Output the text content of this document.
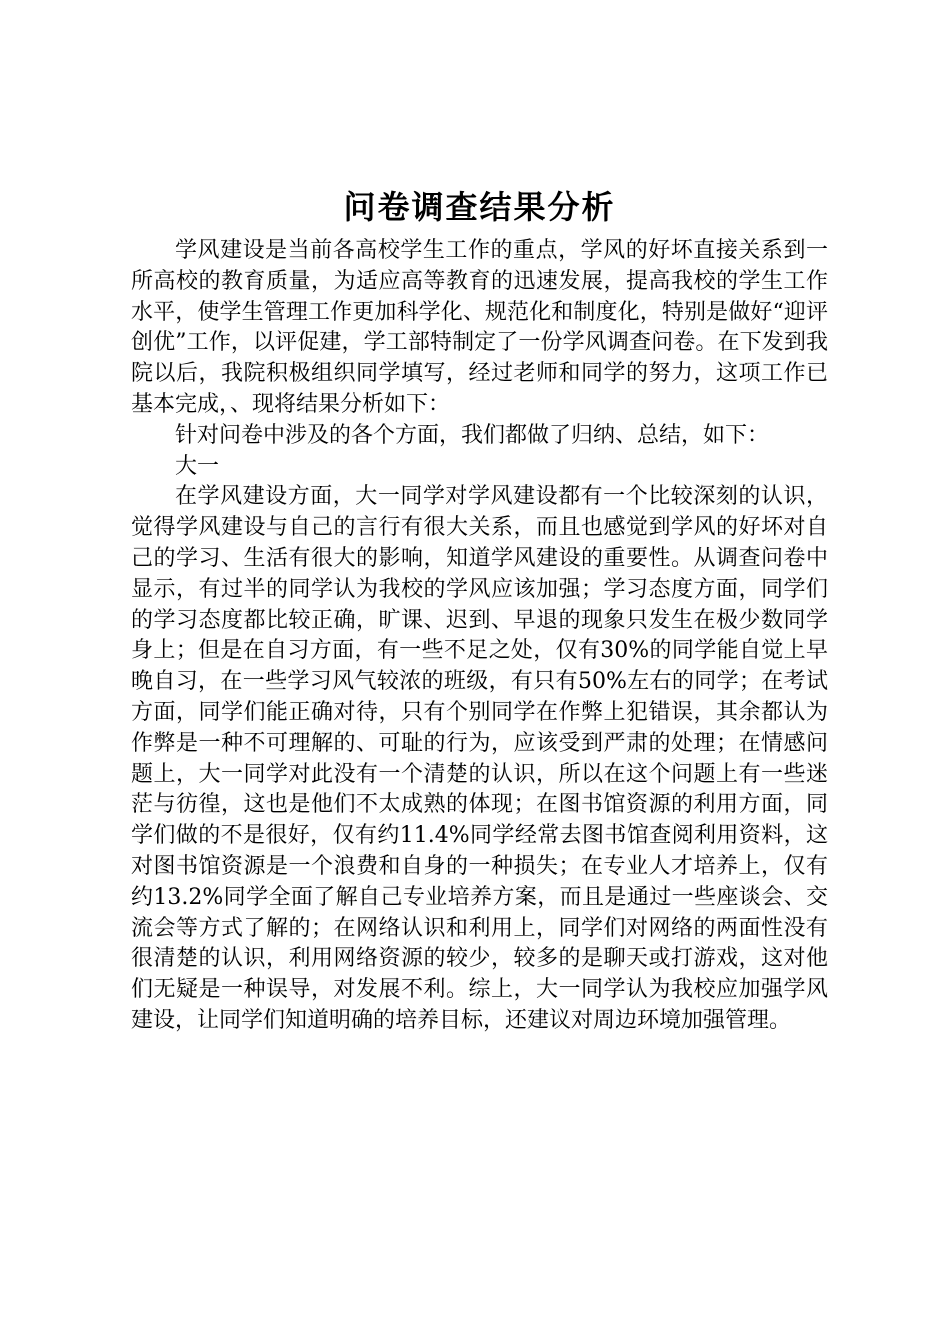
问卷调查结果分析

学风建设是当前各高校学生工作的重点，学风的好坏直接关系到一所高校的教育质量，为适应高等教育的迅速发展，提高我校的学生工作水平，使学生管理工作更加科学化、规范化和制度化，特别是做好“迎评创优”工作，以评促建，学工部特制定了一份学风调查问卷。在下发到我院以后，我院积极组织同学填写，经过老师和同学的努力，这项工作已基本完成，、现将结果分析如下：

针对问卷中涉及的各个方面，我们都做了归纳、总结，如下：

大一

在学风建设方面，大一同学对学风建设都有一个比较深刻的认识，觉得学风建设与自己的言行有很大关系，而且也感觉到学风的好坏对自己的学习、生活有很大的影响，知道学风建设的重要性。从调查问卷中显示，有过半的同学认为我校的学风应该加强；学习态度方面，同学们的学习态度都比较正确，旷课、迟到、早退的现象只发生在极少数同学身上；但是在自习方面，有一些不足之处，仅有30%的同学能自觉上早晚自习，在一些学习风气较浓的班级，有只有50%左右的同学；在考试方面，同学们能正确对待，只有个别同学在作弊上犯错误，其余都认为作弊是一种不可理解的、可耻的行为，应该受到严肃的处理；在情感问题上，大一同学对此没有一个清楚的认识，所以在这个问题上有一些迷茫与彷徨，这也是他们不太成熟的体现；在图书馆资源的利用方面，同学们做的不是很好，仅有约11.4%同学经常去图书馆查阅利用资料，这对图书馆资源是一个浪费和自身的一种损失；在专业人才培养上，仅有约13.2%同学全面了解自己专业培养方案，而且是通过一些座谈会、交流会等方式了解的；在网络认识和利用上，同学们对网络的两面性没有很清楚的认识，利用网络资源的较少，较多的是聊天或打游戏，这对他们无疑是一种误导，对发展不利。综上，大一同学认为我校应加强学风建设，让同学们知道明确的培养目标，还建议对周边环境加强管理。
